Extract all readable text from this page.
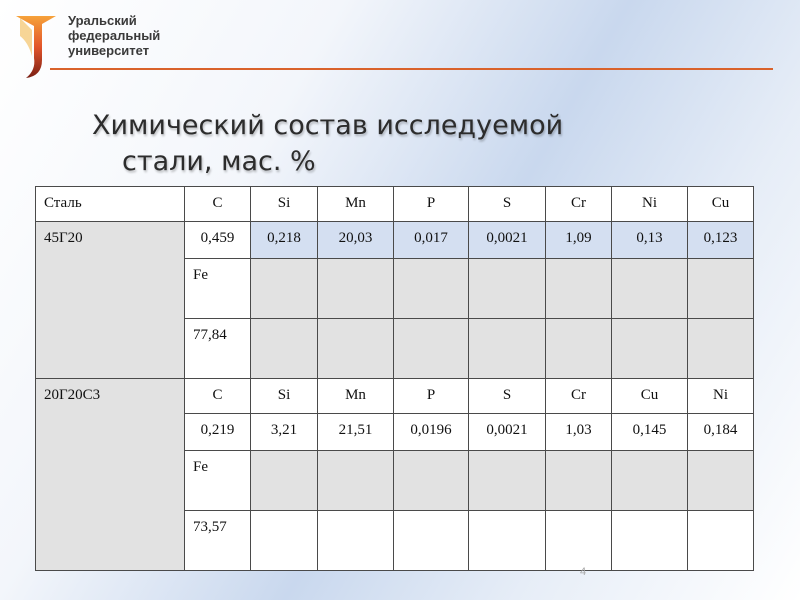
Уральский
федеральный
университет
Химический состав исследуемой
стали, мас. %
Сталь	C	Si	Mn	P	S	Cr	Ni	Cu

45Г20	0,459	0,218	20,03	0,017	0,0021	1,09	0,13	0,123

	Fe							

	77,84							

20Г20С3	C	Si	Mn	P	S	Cr	Cu	Ni

	0,219	3,21	21,51	0,0196	0,0021	1,03	0,145	0,184

	Fe							

	73,57							

4
